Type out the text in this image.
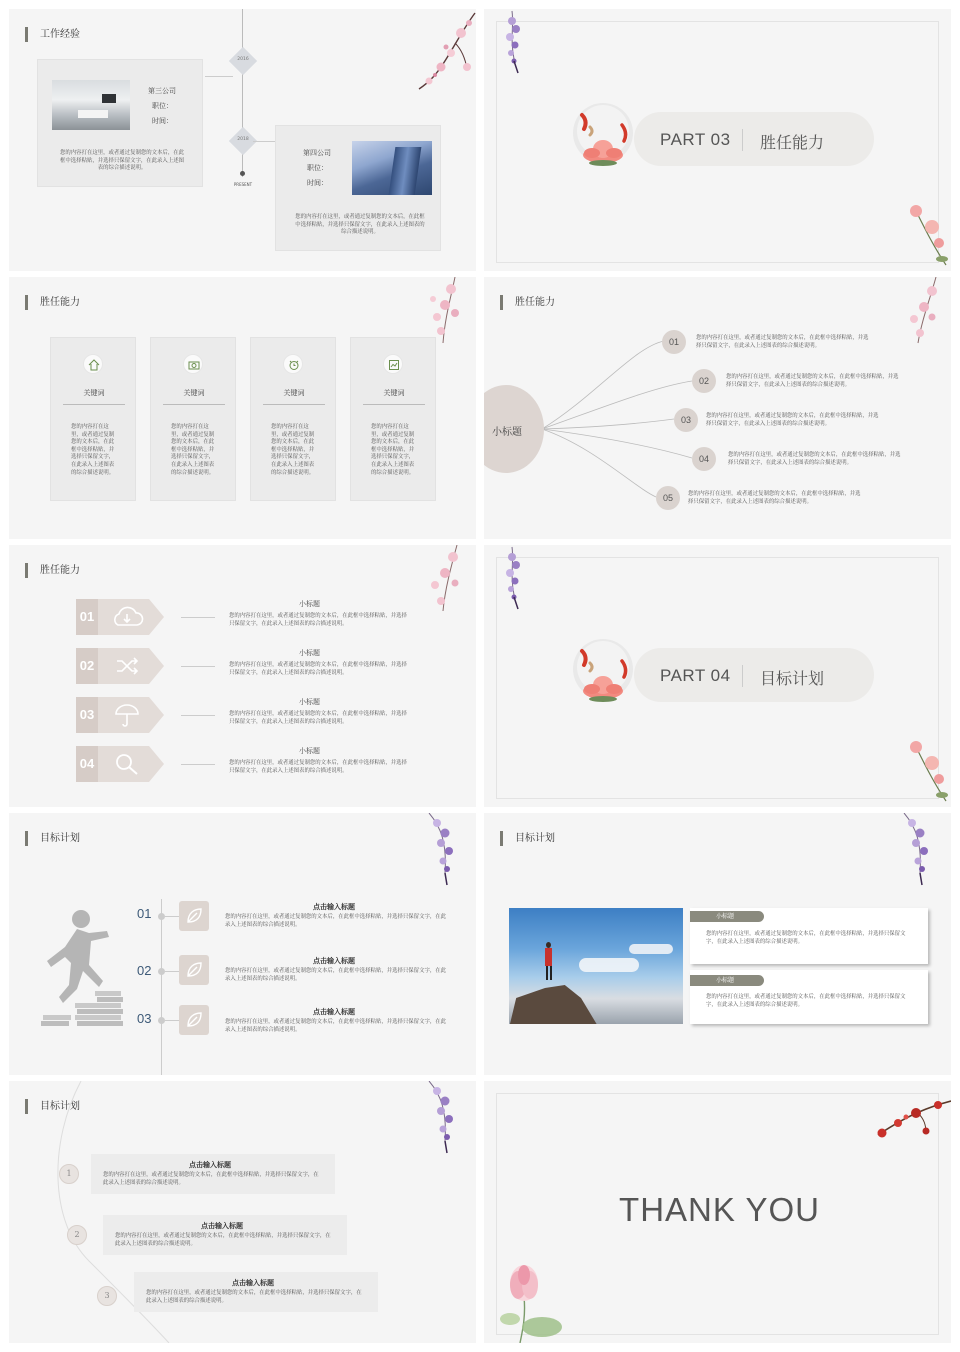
工作经验
2016
2018
PRESENT
第三公司
职位：
时间：
您的内容打在这里，或者通过复制您的文本后，在此框中选择粘贴，并选择只保留文字，在此录入上述图表的综合描述说明。
第四公司
职位：
时间：
您的内容打在这里，或者通过复制您的文本后，在此框中选择粘贴，并选择只保留文字，在此录入上述图表的综合描述说明。
PART 03 胜任能力
胜任能力
关键词
您的内容打在这里，或者通过复制您的文本后，在此框中选择粘贴，并选择只保留文字，在此录入上述图表的综合描述说明。
关键词
您的内容打在这里，或者通过复制您的文本后，在此框中选择粘贴，并选择只保留文字，在此录入上述图表的综合描述说明。
关键词
您的内容打在这里，或者通过复制您的文本后，在此框中选择粘贴，并选择只保留文字，在此录入上述图表的综合描述说明。
关键词
您的内容打在这里，或者通过复制您的文本后，在此框中选择粘贴，并选择只保留文字，在此录入上述图表的综合描述说明。
胜任能力
小标题
01	您的内容打在这里，或者通过复制您的文本后，在此框中选择粘贴，并选择只保留文字，在此录入上述图表的综合描述说明。
02	您的内容打在这里，或者通过复制您的文本后，在此框中选择粘贴，并选择只保留文字，在此录入上述图表的综合描述说明。
03	您的内容打在这里，或者通过复制您的文本后，在此框中选择粘贴，并选择只保留文字，在此录入上述图表的综合描述说明。
04	您的内容打在这里，或者通过复制您的文本后，在此框中选择粘贴，并选择只保留文字，在此录入上述图表的综合描述说明。
05	您的内容打在这里，或者通过复制您的文本后，在此框中选择粘贴，并选择只保留文字，在此录入上述图表的综合描述说明。
胜任能力
01
小标题
您的内容打在这里，或者通过复制您的文本后，在此框中选择粘贴，并选择只保留文字，在此录入上述图表的综合描述说明。
02
小标题
您的内容打在这里，或者通过复制您的文本后，在此框中选择粘贴，并选择只保留文字，在此录入上述图表的综合描述说明。
03
小标题
您的内容打在这里，或者通过复制您的文本后，在此框中选择粘贴，并选择只保留文字，在此录入上述图表的综合描述说明。
04
小标题
您的内容打在这里，或者通过复制您的文本后，在此框中选择粘贴，并选择只保留文字，在此录入上述图表的综合描述说明。
PART 04 目标计划
目标计划
01	点击输入标题
您的内容打在这里，或者通过复制您的文本后，在此框中选择粘贴，并选择只保留文字，在此录入上述图表的综合描述说明。
02
点击输入标题
您的内容打在这里，或者通过复制您的文本后，在此框中选择粘贴，并选择只保留文字，在此录入上述图表的综合描述说明。
03	点击输入标题
您的内容打在这里，或者通过复制您的文本后，在此框中选择粘贴，并选择只保留文字，在此录入上述图表的综合描述说明。
目标计划
小标题
您的内容打在这里，或者通过复制您的文本后，在此框中选择粘贴，并选择只保留文字，在此录入上述图表的综合描述说明。
小标题
您的内容打在这里，或者通过复制您的文本后，在此框中选择粘贴，并选择只保留文字，在此录入上述图表的综合描述说明。
目标计划
1
点击输入标题
您的内容打在这里，或者通过复制您的文本后，在此框中选择粘贴，并选择只保留文字，在此录入上述图表的综合描述说明。
2
点击输入标题
您的内容打在这里，或者通过复制您的文本后，在此框中选择粘贴，并选择只保留文字，在此录入上述图表的综合描述说明。
3
点击输入标题
您的内容打在这里，或者通过复制您的文本后，在此框中选择粘贴，并选择只保留文字，在此录入上述图表的综合描述说明。
THANK YOU
